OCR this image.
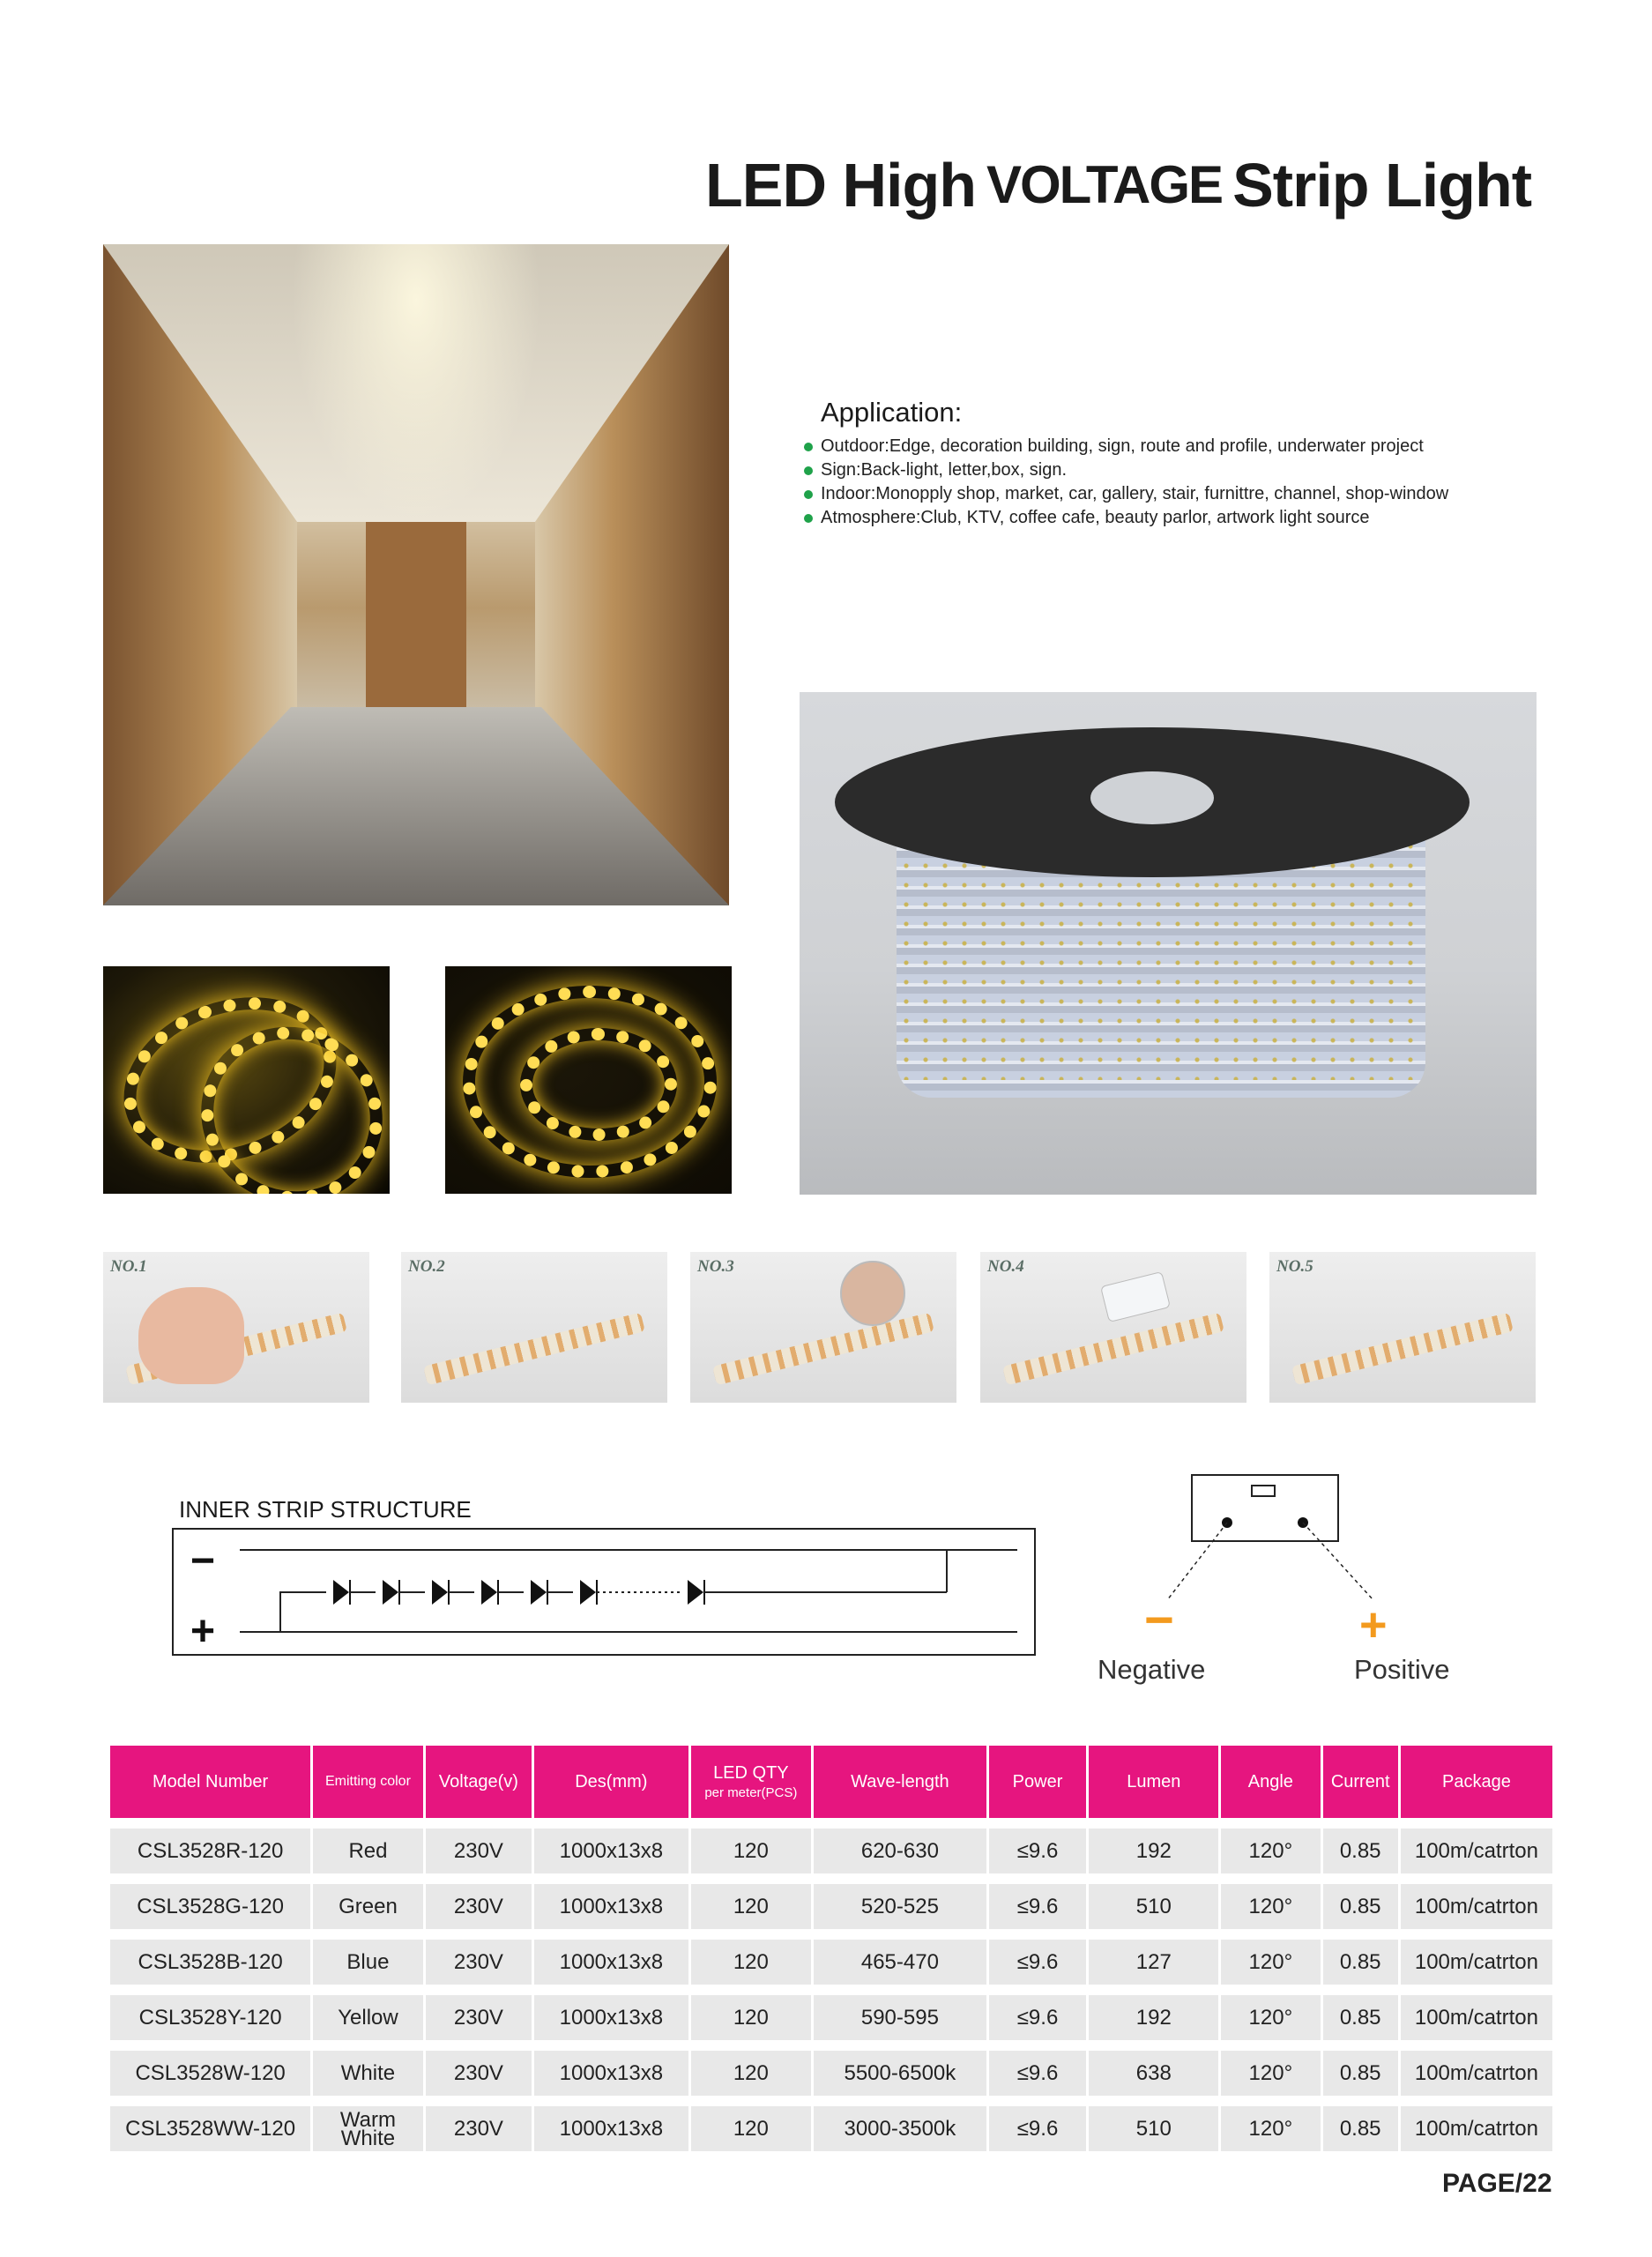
LED High VOLTAGE Strip Light
Application:
Outdoor:Edge, decoration building, sign, route and profile, underwater project
Sign:Back-light, letter,box, sign.
Indoor:Monopply shop, market, car, gallery, stair, furnittre, channel, shop-window
Atmosphere:Club, KTV, coffee cafe, beauty parlor, artwork light source
NO.1	NO.2	NO.3	NO.4	NO.5
INNER STRIP STRUCTURE
−
+	−	+
Negative	Positive
Model Number	Emitting color	Voltage(v)	Des(mm)	LED QTY
per meter(PCS)	Wave-length	Power	Lumen	Angle	Current	Package

CSL3528R-120	Red	230V	1000x13x8	120	620-630	≤9.6	192	120°	0.85	100m/catrton

CSL3528G-120	Green	230V	1000x13x8	120	520-525	≤9.6	510	120°	0.85	100m/catrton

CSL3528B-120	Blue	230V	1000x13x8	120	465-470	≤9.6	127	120°	0.85	100m/catrton

CSL3528Y-120	Yellow	230V	1000x13x8	120	590-595	≤9.6	192	120°	0.85	100m/catrton

CSL3528W-120	White	230V	1000x13x8	120	5500-6500k	≤9.6	638	120°	0.85	100m/catrton

CSL3528WW-120	Warm
White	230V	1000x13x8	120	3000-3500k	≤9.6	510	120°	0.85	100m/catrton
PAGE/22
